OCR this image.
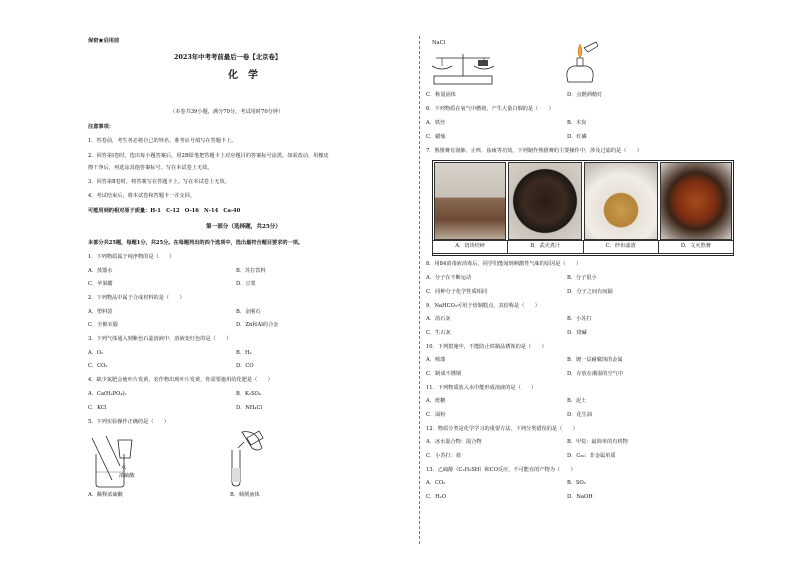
保密★启用前
2023年中考考前最后一卷【北京卷】
化　学
（本卷共39小题，满分70分，考试用时70分钟）
注意事项：
1．答卷前，考生务必将自己的姓名、准考证号填写在答题卡上。
2．回答第Ⅰ卷时，选出每小题答案后，用2B铅笔把答题卡上对应题目的答案标号涂黑。如需改动，用橡皮
擦干净后，再选涂其他答案标号。写在本试卷上无效。
3．回答第Ⅱ卷时，将答案写在答题卡上。写在本试卷上无效。
4．考试结束后，将本试卷和答题卡一并交回。
可能用到的相对原子质量：H-1　C-12　O-16　N-14　Ca-40
第一部分（选择题，共25分）
本部分共25题，每题1分，共25分。在每题列出的四个选项中，选出最符合题目要求的一项。
1．下列物质属于纯净物的是（　　）
A．蒸馏水	B．苏打饮料
C．苹果醋	D．豆浆
2．下列物品中属于合成材料的是（　　）
A．塑料袋	B．金刚石
C．全棉衣服	D．Zn和Al的合金
3．下列气体通入到紫色石蕊溶液中，溶液变红色的是（　　）
A．O₂	B．H₂
C．CO₂	D．CO
4．缺少氮肥会使叶片发黄，农作物出现叶片发黄，你需要施用的化肥是（　　）
A．Ca(H₂PO₄)₂	B．K₂SO₄
C．KCl	D．NH₄Cl
5．下列实验操作正确的是（　　）
水
浓硫酸
A．稀释浓硫酸	B．倾倒液体
NaCl
C．称量固体	D．点燃酒精灯
6．下列物质在氧气中燃烧，产生大量白烟的是（　　）
A．铁丝	B．木炭
C．蜡烛	D．红磷
7．熟猪膏有润肺、止咳、祛痰等功效，下列制作熟猪膏的主要操作中，涉及过滤的是（　　）
A．切块绞碎	B．武火煮汁	C．纱布滤渣	D．文火熬膏
8．用84消毒液消毒后，同学们能闻到刺激性气味的原因是（　　）
A．分子在不断运动	B．分子很小
C．同种分子化学性质相同	D．分子之间有间隔
9．NaHCO₃可用于焙制糕点，其俗称是（　　）
A．消石灰	B．小苏打
C．生石灰	D．烧碱
10．下列措施中，不能防止铁制品锈蚀的是（　　）
A．喷漆	B．镀一层耐腐蚀的金属
C．制成不锈钢	D．存放在潮湿的空气中
11．下列物质放入水中能形成溶液的是（　　）
A．蔗糖	B．泥土
C．面粉	D．花生油
12．物质分类是化学学习的重要方法，下列分类错误的是（　　）
A．冰水混合物：混合物	B．甲烷：最简单的有机物
C．小苏打：盐	D．C₆₀：非金属单质
13．乙硫醇（C₂H₅SH）和CO反应，不可能有的产物为（　　）
A．CO₂	B．SO₂
C．H₂O	D．NaOH
